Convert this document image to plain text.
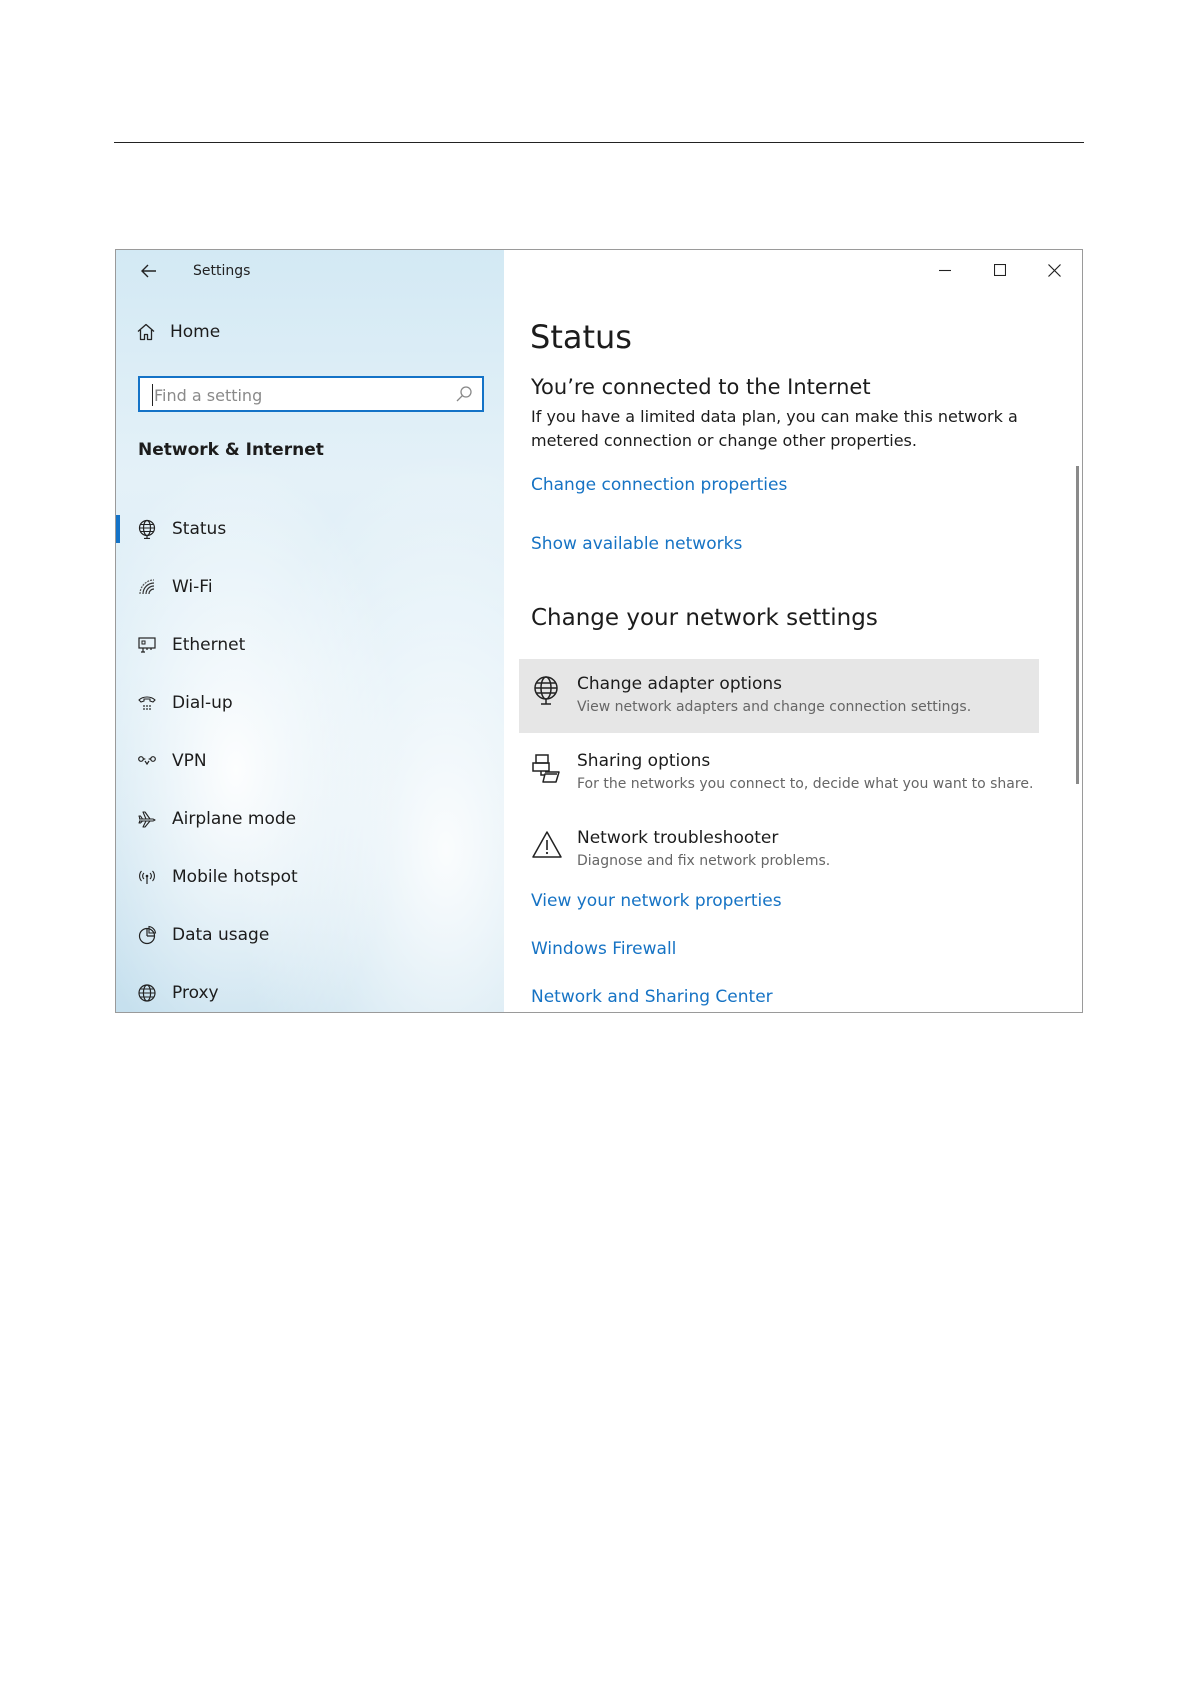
Settings
Home
Find a setting
Network & Internet
Status
Wi-Fi
Ethernet
Dial-up
VPN
Airplane mode
Mobile hotspot
Data usage
Proxy
Status
You’re connected to the Internet
If you have a limited data plan, you can make this network a metered connection or change other properties.
Change connection properties
Show available networks
Change your network settings
Change adapter options
View network adapters and change connection settings.
Sharing options
For the networks you connect to, decide what you want to share.
Network troubleshooter
Diagnose and fix network problems.
View your network properties
Windows Firewall
Network and Sharing Center
